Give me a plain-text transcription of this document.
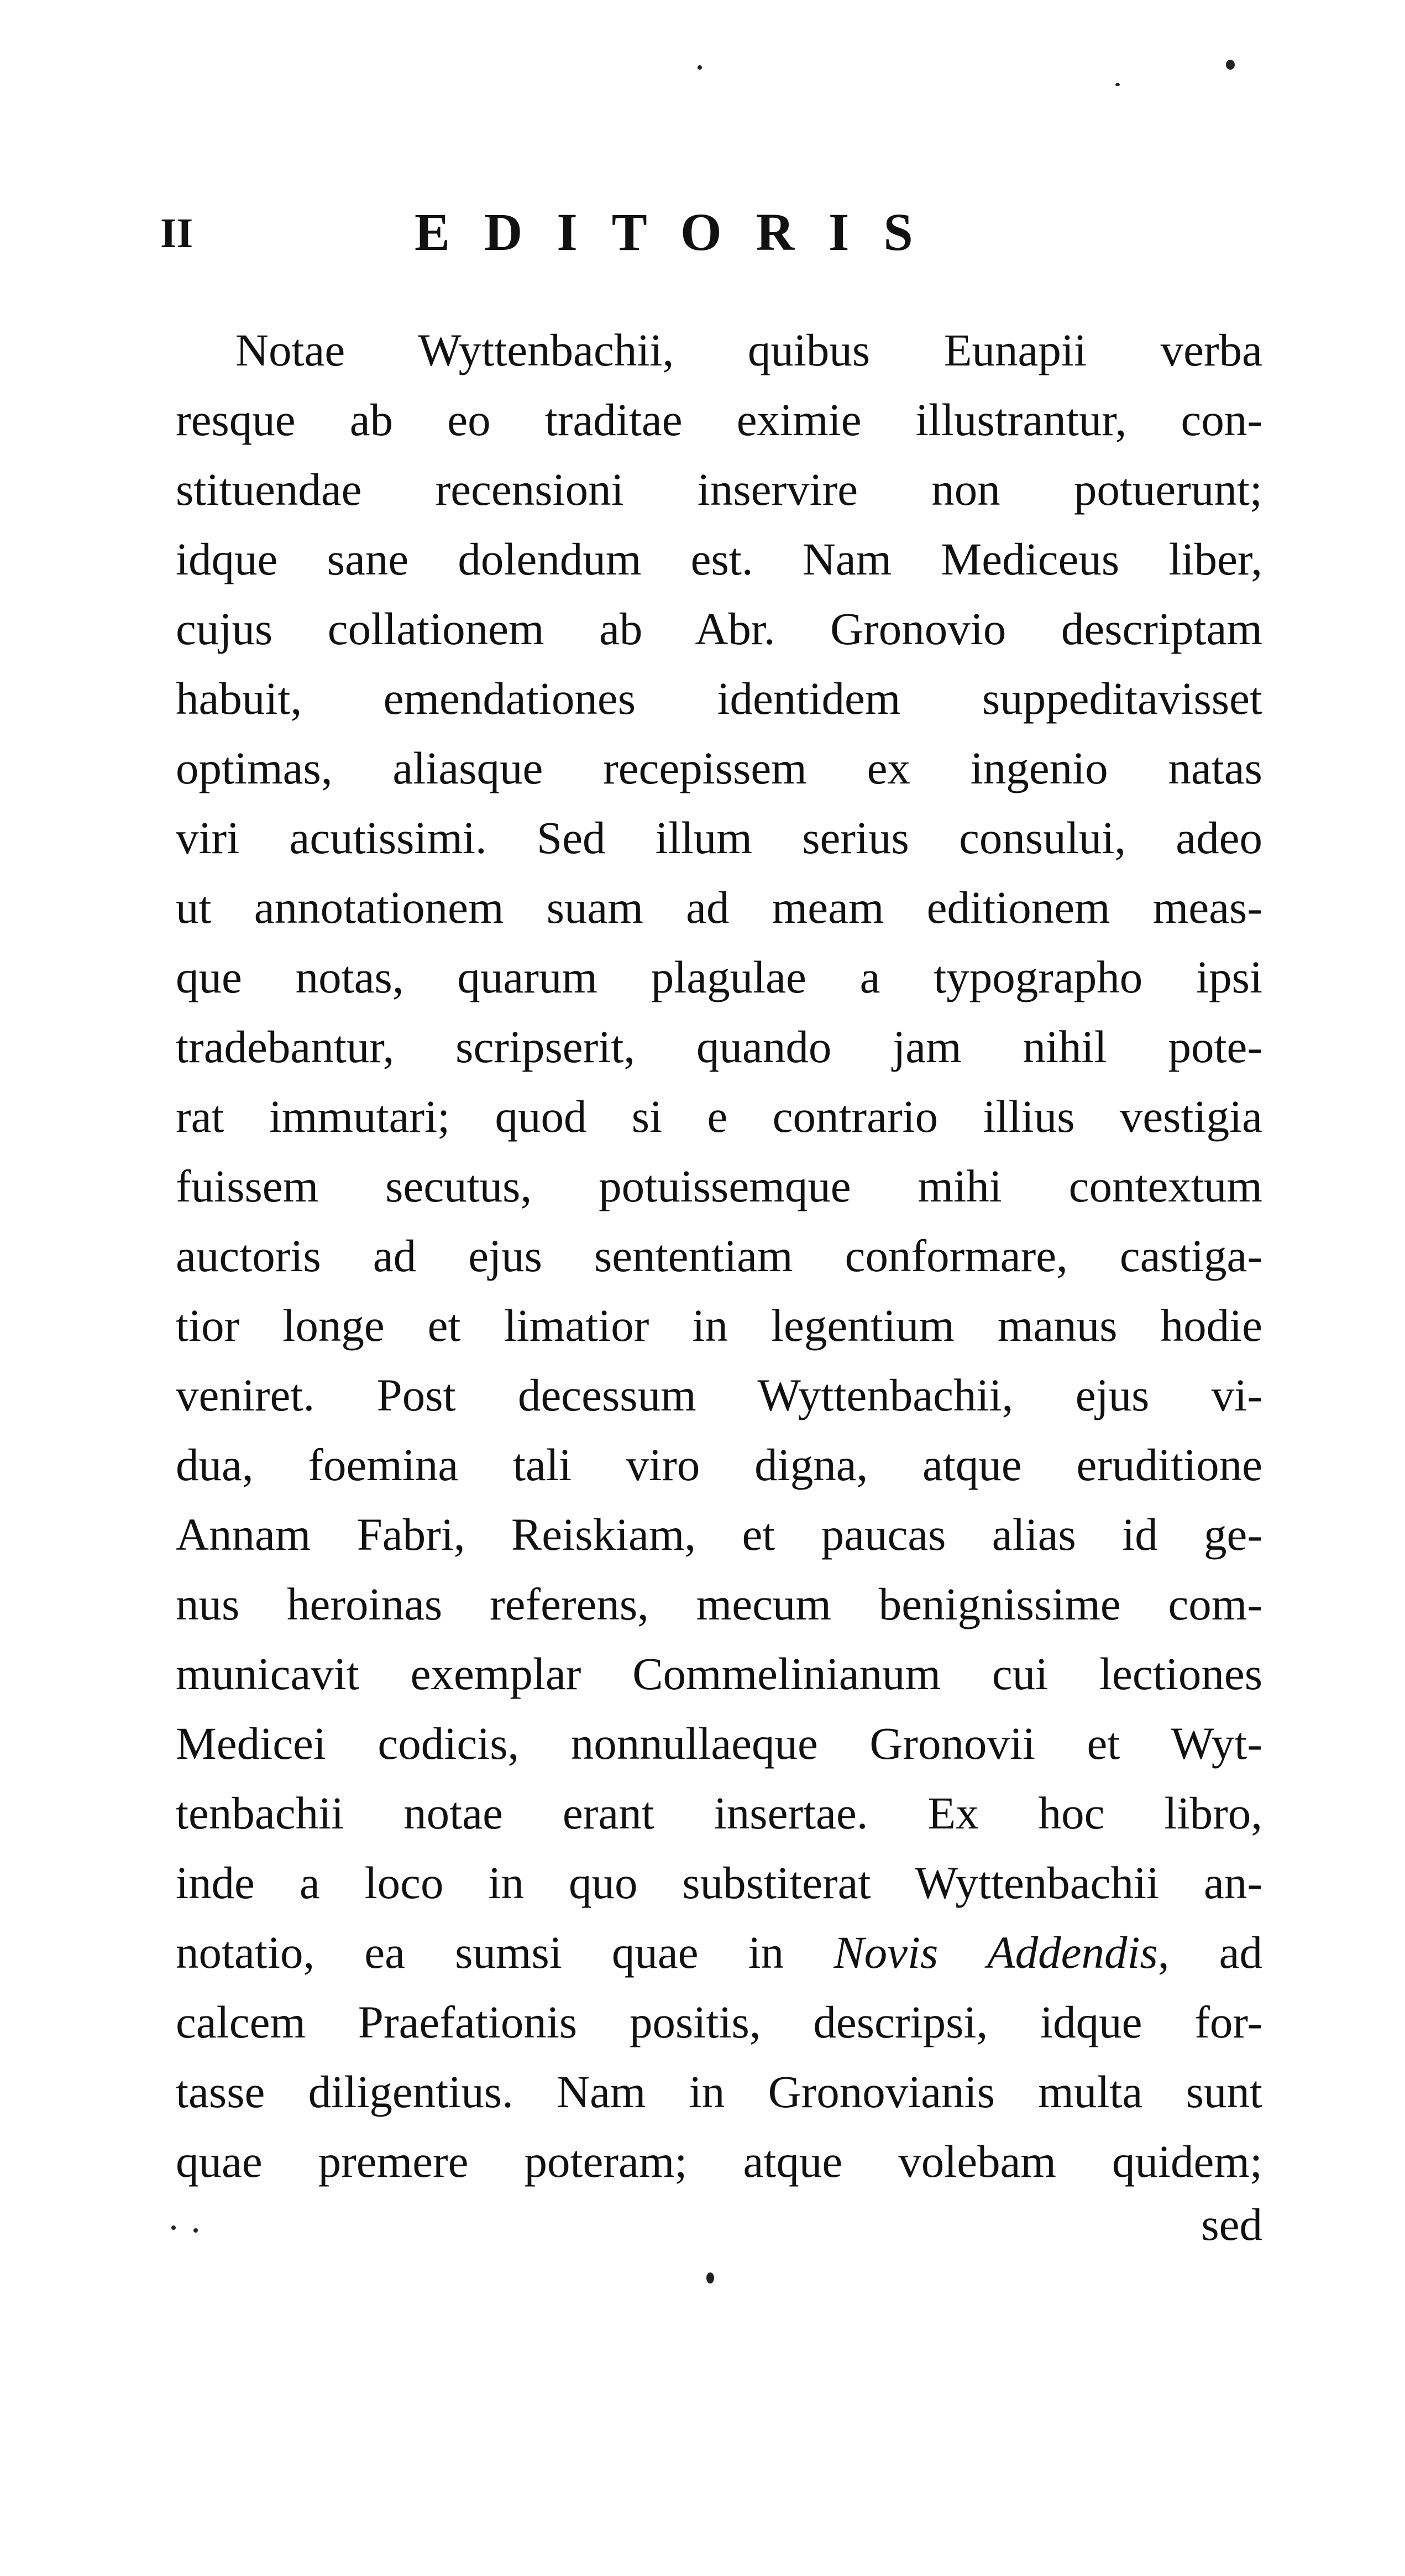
II	EDITORIS
Notae Wyttenbachii, quibus Eunapii verba
resque ab eo traditae eximie illustrantur, con-
stituendae recensioni inservire non potuerunt;
idque sane dolendum est. Nam Mediceus liber,
cujus collationem ab Abr. Gronovio descriptam
habuit, emendationes identidem suppeditavisset
optimas, aliasque recepissem ex ingenio natas
viri acutissimi. Sed illum serius consului, adeo
ut annotationem suam ad meam editionem meas-
que notas, quarum plagulae a typographo ipsi
tradebantur, scripserit, quando jam nihil pote-
rat immutari; quod si e contrario illius vestigia
fuissem secutus, potuissemque mihi contextum
auctoris ad ejus sententiam conformare, castiga-
tior longe et limatior in legentium manus hodie
veniret. Post decessum Wyttenbachii, ejus vi-
dua, foemina tali viro digna, atque eruditione
Annam Fabri, Reiskiam, et paucas alias id ge-
nus heroinas referens, mecum benignissime com-
municavit exemplar Commelinianum cui lectiones
Medicei codicis, nonnullaeque Gronovii et Wyt-
tenbachii notae erant insertae. Ex hoc libro,
inde a loco in quo substiterat Wyttenbachii an-
notatio, ea sumsi quae in Novis Addendis, ad
calcem Praefationis positis, descripsi, idque for-
tasse diligentius. Nam in Gronovianis multa sunt
quae premere poteram; atque volebam quidem;
sed
